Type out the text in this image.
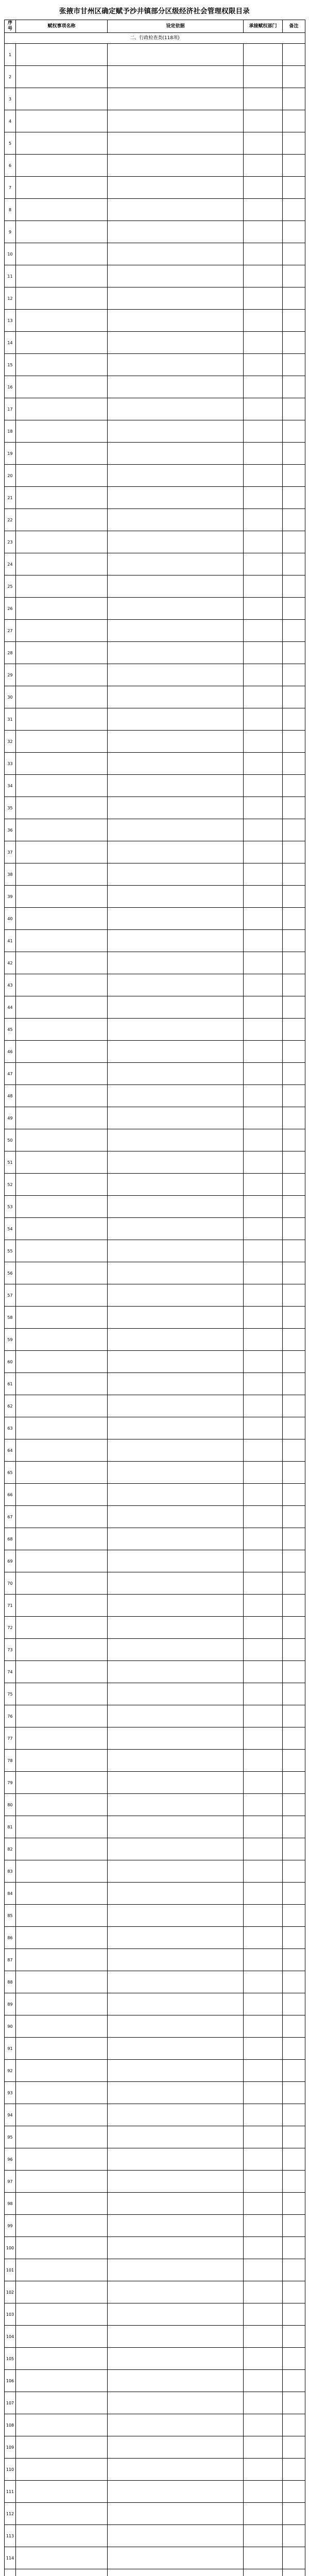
张掖市甘州区确定赋予沙井镇部分区级经济社会管理权限目录
序号	赋权事项名称	设定依据	承接赋权部门	备注
二、行政检查类(118项)				
1				
2				
3				
4				
5				
6				
7				
8				
9				
10				
11				
12				
13				
14				
15				
16				
17				
18				
19				
20				
21				
22				
23				
24				
25				
26				
27				
28				
29				
30				
31				
32				
33				
34				
35				
36				
37				
38				
39				
40				
41				
42				
43				
44				
45				
46				
47				
48				
49				
50				
51				
52				
53				
54				
55				
56				
57				
58				
59				
60				
61				
62				
63				
64				
65				
66				
67				
68				
69				
70				
71				
72				
73				
74				
75				
76				
77				
78				
79				
80				
81				
82				
83				
84				
85				
86				
87				
88				
89				
90				
91				
92				
93				
94				
95				
96				
97				
98				
99				
100				
101				
102				
103				
104				
105				
106				
107				
108				
109				
110				
111				
112				
113				
114				
